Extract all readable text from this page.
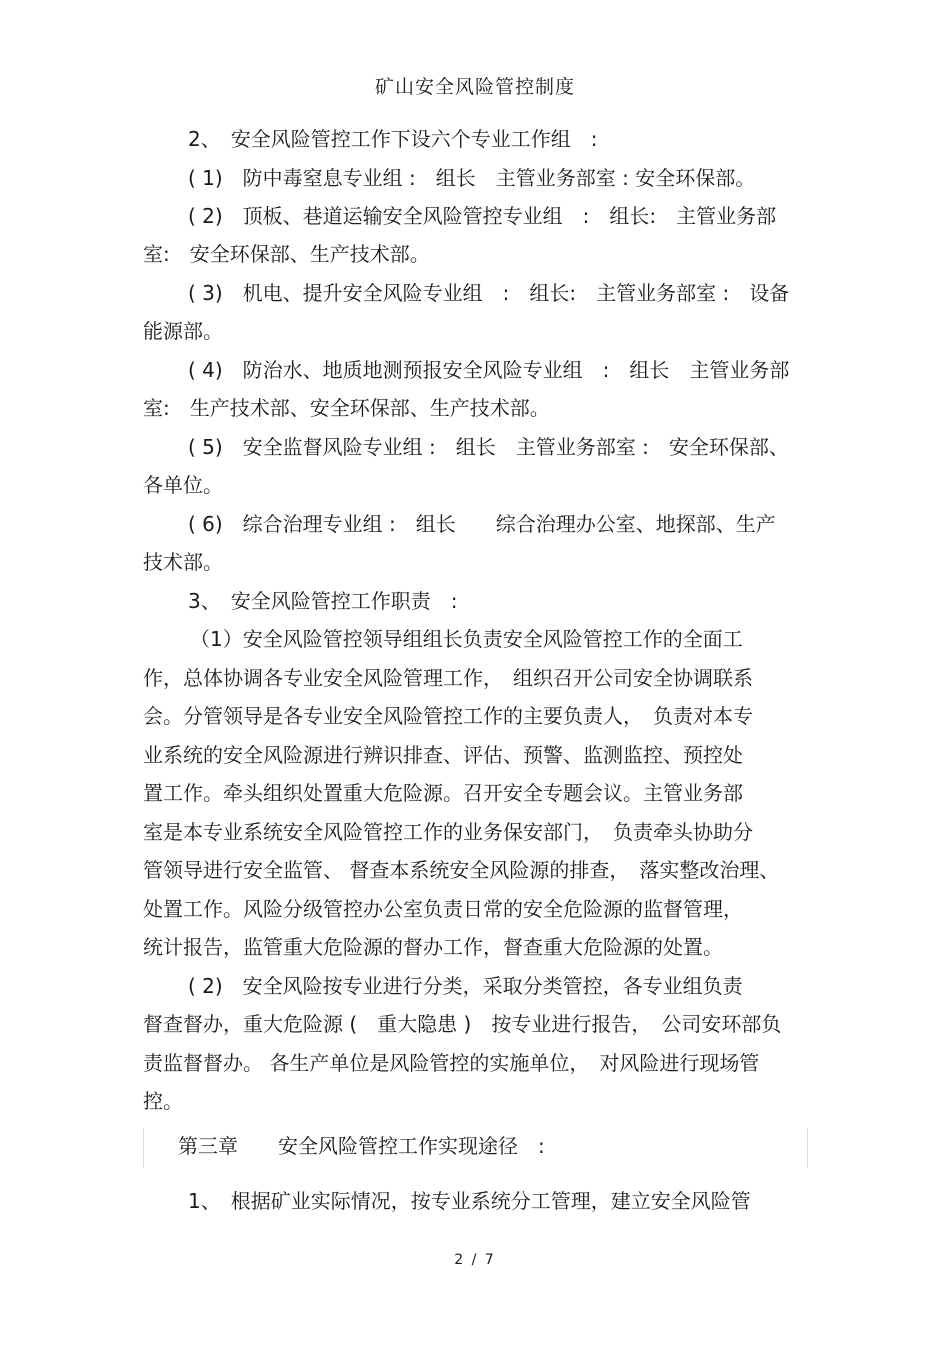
矿山安全风险管控制度
2、　安全风险管控工作下设六个专业工作组　:
( 1)　防中毒窒息专业组 :　组长　主管业务部室 : 安全环保部。
( 2)　顶板、巷道运输安全风险管控专业组　:　组长:　主管业务部
室:　安全环保部、生产技术部。
( 3)　机电、提升安全风险专业组　:　组长:　主管业务部室 :　设备
能源部。
( 4)　防治水、地质地测预报安全风险专业组　:　组长　主管业务部
室:　生产技术部、安全环保部、生产技术部。
( 5)　安全监督风险专业组 :　组长　主管业务部室 :　安全环保部、
各单位。
( 6)　综合治理专业组 :　组长　　综合治理办公室、地探部、生产
技术部。
3、　安全风险管控工作职责　:
（1）安全风险管控领导组组长负责安全风险管控工作的全面工
作，总体协调各专业安全风险管理工作，　组织召开公司安全协调联系
会。分管领导是各专业安全风险管控工作的主要负责人，　负责对本专
业系统的安全风险源进行辨识排查、评估、预警、监测监控、预控处
置工作。牵头组织处置重大危险源。召开安全专题会议。主管业务部
室是本专业系统安全风险管控工作的业务保安部门，　负责牵头协助分
管领导进行安全监管、 督查本系统安全风险源的排查，　落实整改治理、
处置工作。风险分级管控办公室负责日常的安全危险源的监督管理，
统计报告，监管重大危险源的督办工作，督查重大危险源的处置。
( 2)　安全风险按专业进行分类，采取分类管控，各专业组负责
督查督办，重大危险源 (　重大隐患 )　按专业进行报告，　公司安环部负
责监督督办。 各生产单位是风险管控的实施单位，　对风险进行现场管
控。
第三章　　安全风险管控工作实现途径　:
1、　根据矿业实际情况，按专业系统分工管理，建立安全风险管
2 / 7
